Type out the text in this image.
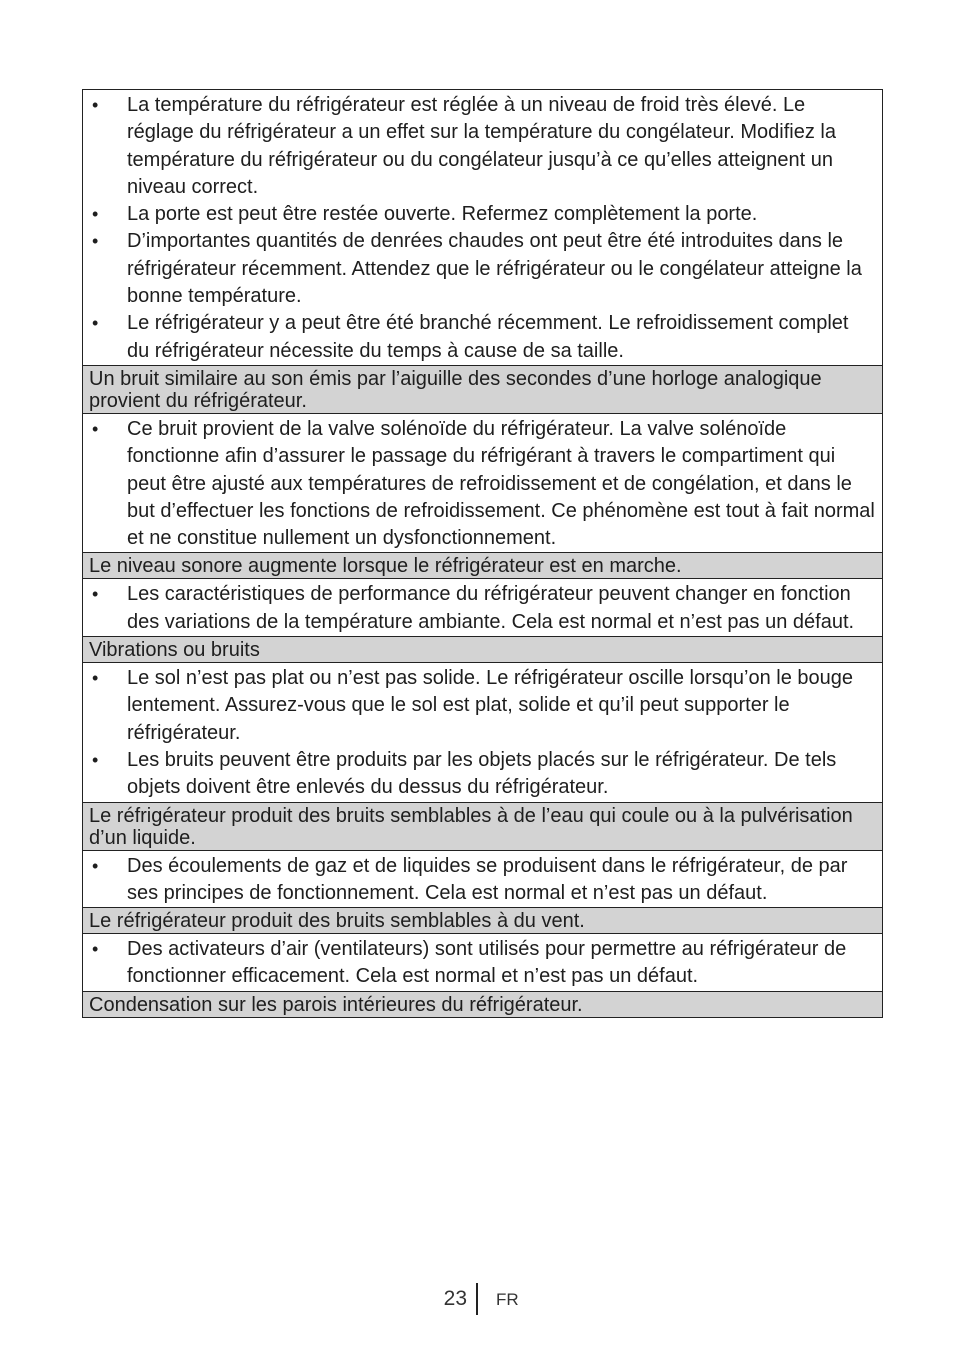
• La température du réfrigérateur est réglée à un niveau de froid très élevé. Le réglage du réfrigérateur a un effet sur la température du congélateur. Modifiez la température du réfrigérateur ou du congélateur jusqu’à ce qu’elles atteignent un niveau correct.
• La porte est peut être restée ouverte. Refermez complètement la porte.
• D’importantes quantités de denrées chaudes ont peut être été introduites dans le réfrigérateur récemment. Attendez que le réfrigérateur ou le congélateur atteigne la bonne température.
• Le réfrigérateur y a peut être été branché récemment. Le refroidissement complet du réfrigérateur nécessite du temps à cause de sa taille.
Un bruit similaire au son émis par l’aiguille des secondes d’une horloge analogique provient du réfrigérateur.
• Ce bruit provient de la valve solénoïde du réfrigérateur. La valve solénoïde fonctionne afin d’assurer le passage du réfrigérant à travers le compartiment qui peut être ajusté aux températures de refroidissement et de congélation, et dans le but d’effectuer les fonctions de refroidissement. Ce phénomène est tout à fait normal et ne constitue nullement un dysfonctionnement.
Le niveau sonore augmente lorsque le réfrigérateur est en marche.
• Les caractéristiques de performance du réfrigérateur peuvent changer en fonction des variations de la température ambiante. Cela est normal et n’est pas un défaut.
Vibrations ou bruits
• Le sol n’est pas plat ou n’est pas solide. Le réfrigérateur oscille lorsqu’on le bouge lentement. Assurez-vous que le sol est plat, solide et qu’il peut supporter le réfrigérateur.
• Les bruits peuvent être produits par les objets placés sur le réfrigérateur. De tels objets doivent être enlevés du dessus du réfrigérateur.
Le réfrigérateur produit des bruits semblables à de l’eau qui coule ou à la pulvérisation d’un liquide.
• Des écoulements de gaz et de liquides se produisent dans le réfrigérateur, de par ses principes de fonctionnement. Cela est normal et n’est pas un défaut.
Le réfrigérateur produit des bruits semblables à du vent.
• Des activateurs d’air (ventilateurs) sont utilisés pour permettre au réfrigérateur de fonctionner efficacement. Cela est normal et n’est pas un défaut.
Condensation sur les parois intérieures du réfrigérateur.
23 FR
